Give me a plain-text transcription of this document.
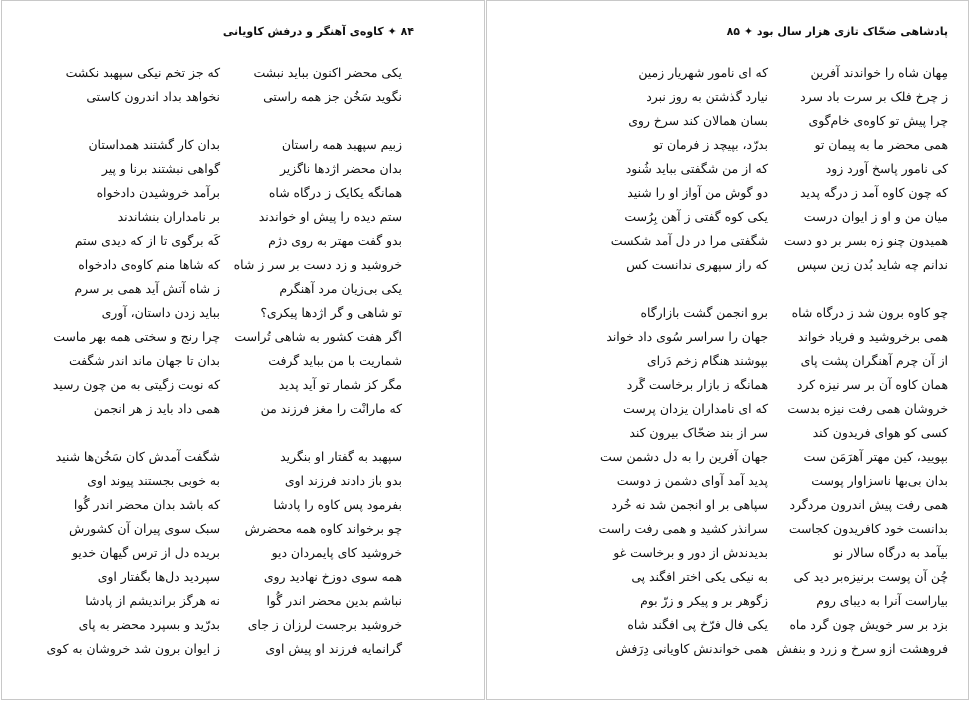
۸۴ ✦ کاوه‌ی آهنگر و درفش کاویانی
یکی محضر اکنون بباید نبشت
نگوید سَخُن جز همه راستی
زبیم سپهبد همه راستان
بدان محضر اژدها ناگزیر
همانگه یکایک ز درگاه شاه
ستم دیده را پیش او خواندند
بدو گفت مهتر به روی دژم
خروشید و زد دست بر سر ز شاه
یکی بی‌زیان مرد آهنگرم
تو شاهی و گر اژدها پیکری؟
اگر هفت کشور به شاهی تُراست
شماریت با من بباید گرفت
مگر کز شمار تو آید پدید
که مارانْت را مغز فرزند من
سپهبد به گفتار او بنگرید
بدو باز دادند فرزند اوی
بفرمود پس کاوه را پادشا
چو برخواند کاوه همه محضرش
خروشید کای پایمردان دیو
همه سوی دوزخ نهادید روی
نباشم بدین محضر اندر گُوا
خروشید برجست لرزان ز جای
گرانمایه فرزند او پیش اوی
که جز تخم نیکی سپهبد نکشت
نخواهد بداد اندرون کاستی
بدان کار گشتند همداستان
گواهی نبشتند برنا و پیر
برآمد خروشیدن دادخواه
بر نامداران بنشاندند
کَه برگوی تا از که دیدی ستم
که شاها منم کاوه‌ی دادخواه
ز شاه آتش آید همی بر سرم
بباید زدن داستان، آوری
چرا رنج و سختی همه بهر ماست
بدان تا جهان ماند اندر شگفت
که نوبت زگیتی به من چون رسید
همی داد باید ز هر انجمن
شگفت آمدش کان سَخُن‌ها شنید
به خوبی بجستند پیوند اوی
که باشد بدان محضر اندر گُوا
سبک سوی پیران آن کشورش
بریده دل از ترس گیهان خدیو
سپردید دل‌ها بگفتار اوی
نه هرگز براندیشم از پادشا
بدرّید و بسپرد محضر به پای
ز ایوان برون شد خروشان به کوی
پادشاهی ضحّاک تازی هزار سال بود ✦ ۸۵
مِهان شاه را خواندند آفرین
ز چرخ فلک بر سرت باد سرد
چرا پیش تو کاوه‌ی خام‌گوی
همی محضر ما به پیمان تو
کی نامور پاسخ آورد زود
که چون کاوه آمد ز درگه پدید
میان من و او ز ایوان درست
همیدون چنو زه بسر بر دو دست
ندانم چه شاید بُدن زین سپس
چو کاوه برون شد ز درگاه شاه
همی برخروشید و فریاد خواند
از آن چرم آهنگران پشت پای
همان کاوه آن بر سر نیزه کرد
خروشان همی رفت نیزه بدست
کسی کو هوای فریدون کند
بپویید، کین مهتر آهرَمَن ست
بدان بی‌بها ناسزاوار پوست
همی رفت پیش اندرون مردگرد
بدانست خود کافریدون کجاست
بیآمد به درگاه سالار نو
چُن آن پوست برنیزه‌بر دید کی
بیاراست آنرا به دیبای روم
بزد بر سر خویش چون گرد ماه
فروهشت ازو سرخ و زرد و بنفش
که ای نامور شهریار زمین
نیارد گذشتن به روز نبرد
بسان همالان کند سرخ روی
بدرّد، بپیچد ز فرمان تو
که از من شگفتی بباید شُنود
دو گوش من آواز او را شنید
یکی کوه گفتی ز آهن بِرُست
شگفتی مرا در دل آمد شکست
که راز سپهری ندانست کس
برو انجمن گشت بازارگاه
جهان را سراسر سُوی داد خواند
بپوشند هنگام زخم دَرای
همانگه ز بازار برخاست گَرد
که ای نامداران یزدان پرست
سر از بند ضحّاک بیرون کند
جهان آفرین را به دل دشمن ست
پدید آمد آوای دشمن ز دوست
سپاهی بر او انجمن شد نه خُرد
سرانذر کشید و همی رفت راست
بدیدندش از دور و برخاست غو
به نیکی یکی اختر افگند پی
زگوهر بر و پیکر و زرّ بوم
یکی فال فرّخ پی افگند شاه
همی خواندنش کاویانی دِرَفش
